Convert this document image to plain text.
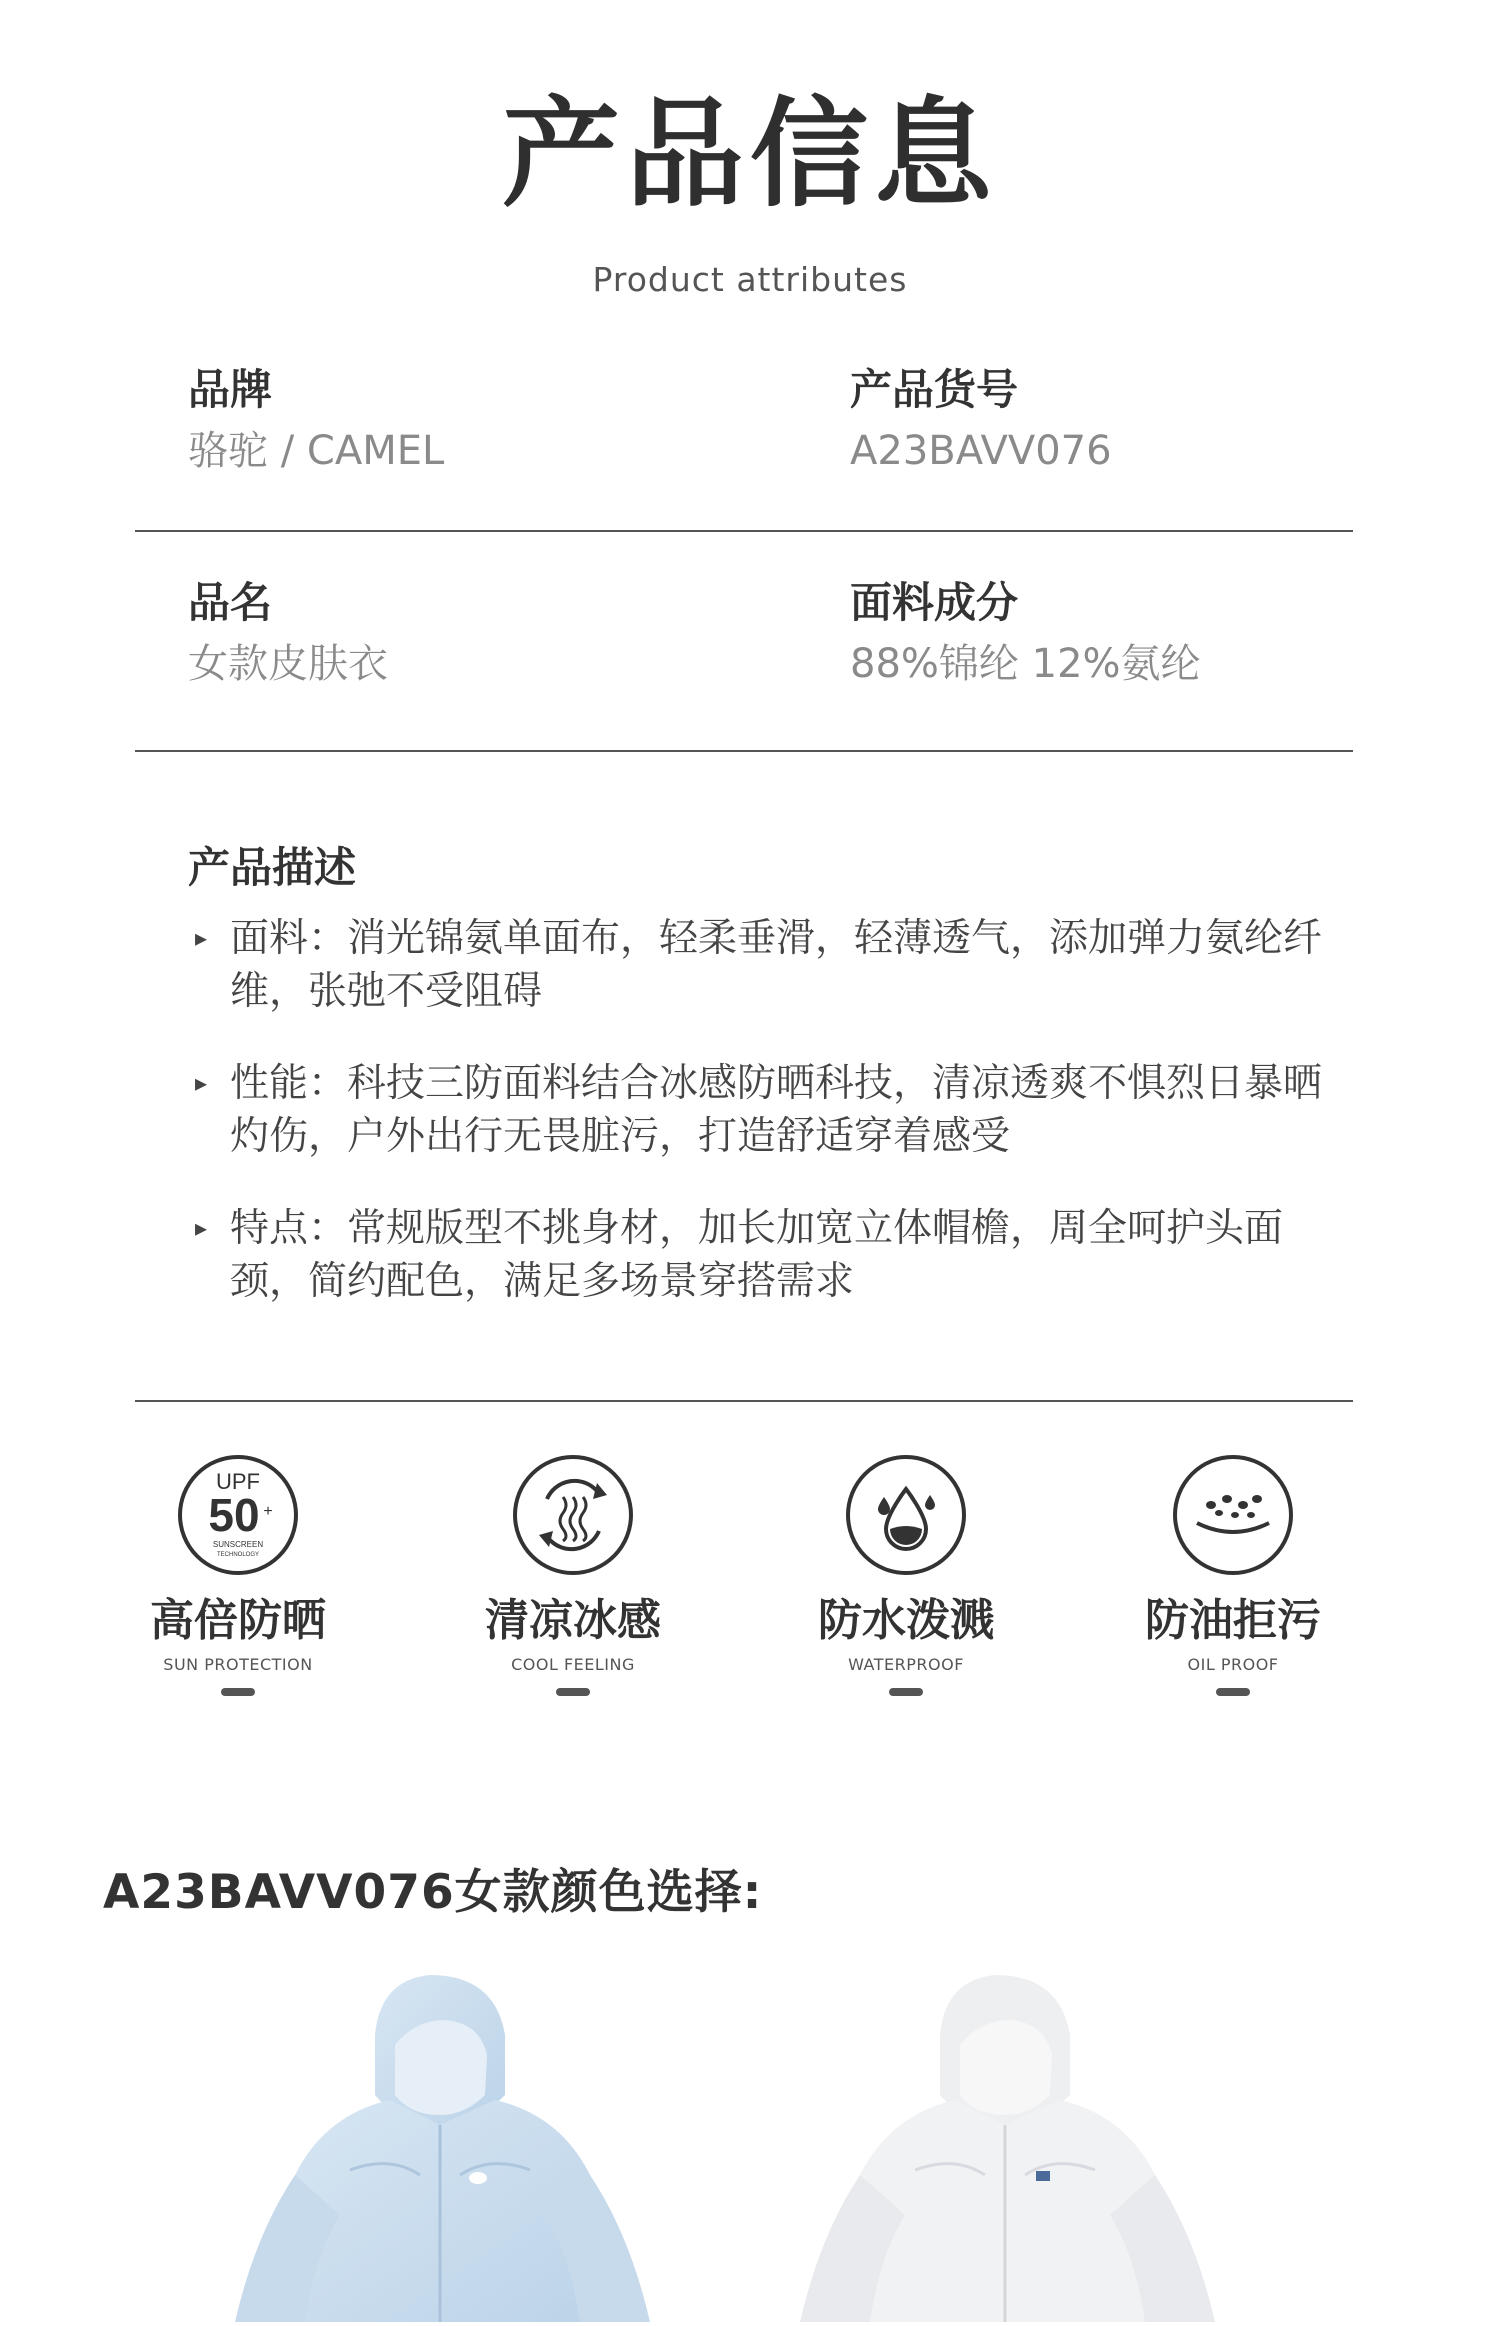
产品信息
Product attributes
品牌
骆驼 / CAMEL
产品货号
A23BAVV076
品名
女款皮肤衣
面料成分
88%锦纶 12%氨纶
产品描述
▸ 面料：消光锦氨单面布，轻柔垂滑，轻薄透气，添加弹力氨纶纤维，张弛不受阻碍
▸ 性能：科技三防面料结合冰感防晒科技，清凉透爽不惧烈日暴晒灼伤，户外出行无畏脏污，打造舒适穿着感受
▸ 特点：常规版型不挑身材，加长加宽立体帽檐，周全呵护头面颈，简约配色，满足多场景穿搭需求
UPF
50 +
SUNSCREEN
TECHNOLOGY
高倍防晒
SUN PROTECTION
清凉冰感
COOL FEELING
防水泼溅
WATERPROOF
防油拒污
OIL PROOF
A23BAVV076女款颜色选择:
